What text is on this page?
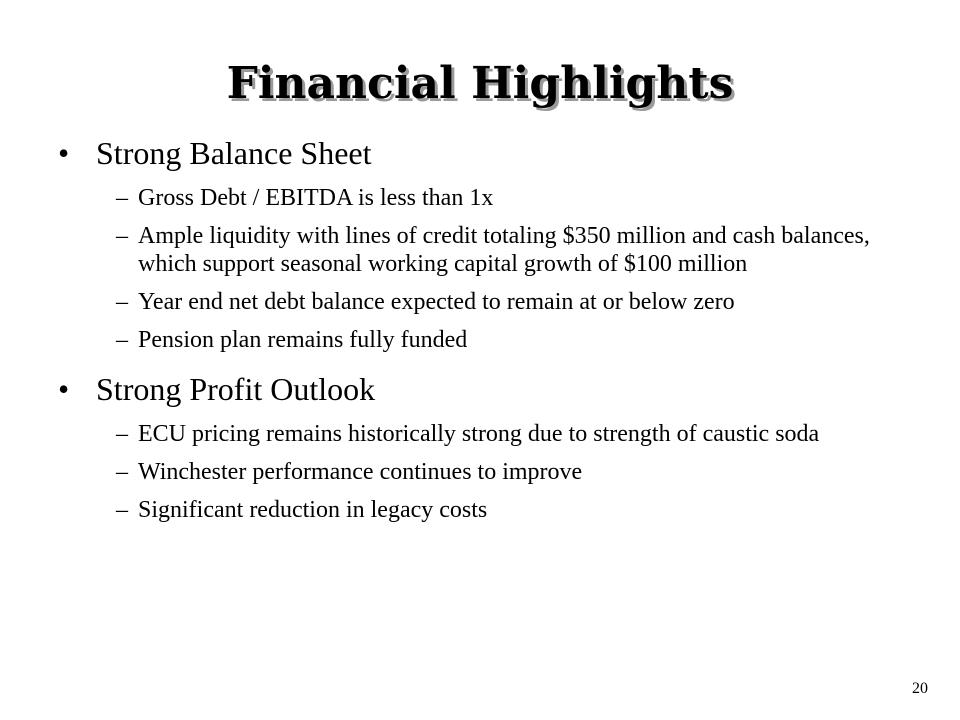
Financial Highlights
• Strong Balance Sheet
– Gross Debt / EBITDA is less than 1x
– Ample liquidity with lines of credit totaling $350 million and cash balances, which support seasonal working capital growth of $100 million
– Year end net debt balance expected to remain at or below zero
– Pension plan remains fully funded
• Strong Profit Outlook
– ECU pricing remains historically strong due to strength of caustic soda
– Winchester performance continues to improve
– Significant reduction in legacy costs
20
